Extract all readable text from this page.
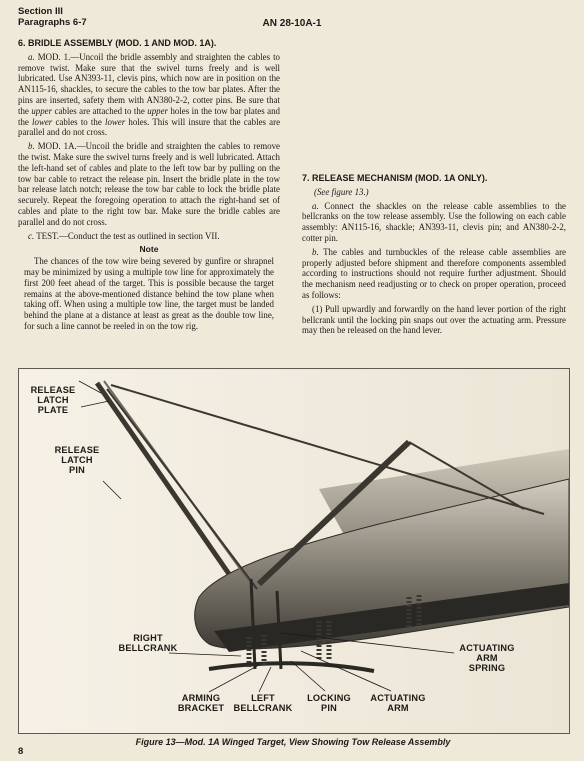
Section III
Paragraphs 6-7	AN 28-10A-1
6. BRIDLE ASSEMBLY (MOD. 1 AND MOD. 1A).

a. MOD. 1.—Uncoil the bridle assembly and straighten the cables to remove twist. Make sure that the swivel turns freely and is well lubricated. Use AN393-11, clevis pins, which now are in position on the AN115-16, shackles, to secure the cables to the tow bar plates. After the pins are inserted, safety them with AN380-2-2, cotter pins. Be sure that the upper cables are attached to the upper holes in the tow bar plates and the lower cables to the lower holes. This will insure that the cables are parallel and do not cross.

b. MOD. 1A.—Uncoil the bridle and straighten the cables to remove the twist. Make sure the swivel turns freely and is well lubricated. Attach the left-hand set of cables and plate to the left tow bar by pulling on the tow bar cable to retract the release pin. Insert the bridle plate in the tow bar release latch notch; release the tow bar cable to lock the bridle plate securely. Repeat the foregoing operation to attach the right-hand set of cables and plate to the right tow bar. Make sure the bridle cables are parallel and do not cross.

c. TEST.—Conduct the test as outlined in section VII.

Note

The chances of the tow wire being severed by gunfire or shrapnel may be minimized by using a multiple tow line for approximately the first 200 feet ahead of the target. This is possible because the target remains at the above-mentioned distance behind the tow plane when taking off. When using a multiple tow line, the target must be landed behind the plane at a distance at least as great as the double tow line, for such a line cannot be reeled in on the tow rig.

7. RELEASE MECHANISM (MOD. 1A ONLY).

(See figure 13.)

a. Connect the shackles on the release cable assemblies to the bellcranks on the tow release assembly. Use the following on each cable assembly: AN115-16, shackle; AN393-11, clevis pin; and AN380-2-2, cotter pin.

b. The cables and turnbuckles of the release cable assemblies are properly adjusted before shipment and therefore components assembled according to instructions should not require further adjustment. Should the mechanism need readjusting or to check on proper operation, proceed as follows:

(1) Pull upwardly and forwardly on the hand lever portion of the right bellcrank until the locking pin snaps out over the actuating arm. Pressure may then be released on the hand lever.

RELEASE
LATCH
PLATE
RELEASE
LATCH
PIN
RIGHT
BELLCRANK
ARMING
BRACKET
LEFT
BELLCRANK
LOCKING
PIN
ACTUATING
ARM
ACTUATING
ARM
SPRING
Figure 13—Mod. 1A Winged Target, View Showing Tow Release Assembly
8
